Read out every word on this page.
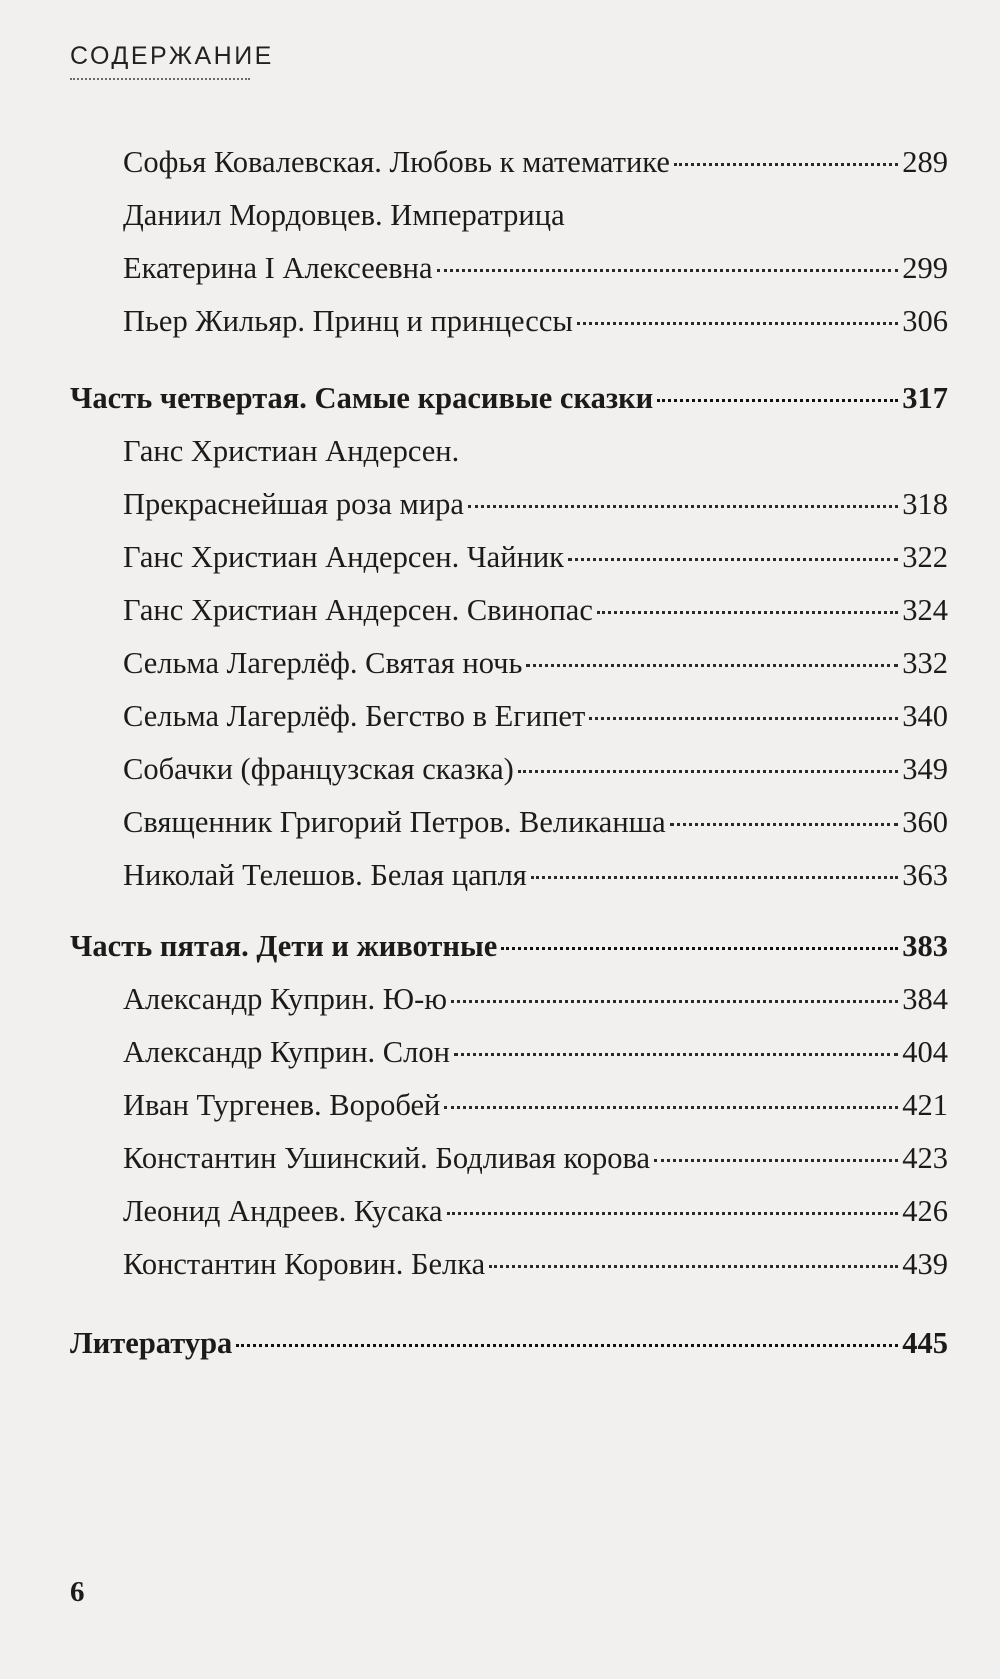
СОДЕРЖАНИЕ
Софья Ковалевская. Любовь к математике	289
Даниил Мордовцев. Императрица
Екатерина I Алексеевна	299
Пьер Жильяр. Принц и принцессы	306
Часть четвертая. Самые красивые сказки	317
Ганс Христиан Андерсен.
Прекраснейшая роза мира	318
Ганс Христиан Андерсен. Чайник	322
Ганс Христиан Андерсен. Свинопас	324
Сельма Лагерлёф. Святая ночь	332
Сельма Лагерлёф. Бегство в Египет	340
Собачки (французская сказка)	349
Священник Григорий Петров. Великанша	360
Николай Телешов. Белая цапля	363
Часть пятая. Дети и животные	383
Александр Куприн. Ю-ю	384
Александр Куприн. Слон	404
Иван Тургенев. Воробей	421
Константин Ушинский. Бодливая корова	423
Леонид Андреев. Кусака	426
Константин Коровин. Белка	439
Литература	445
6
